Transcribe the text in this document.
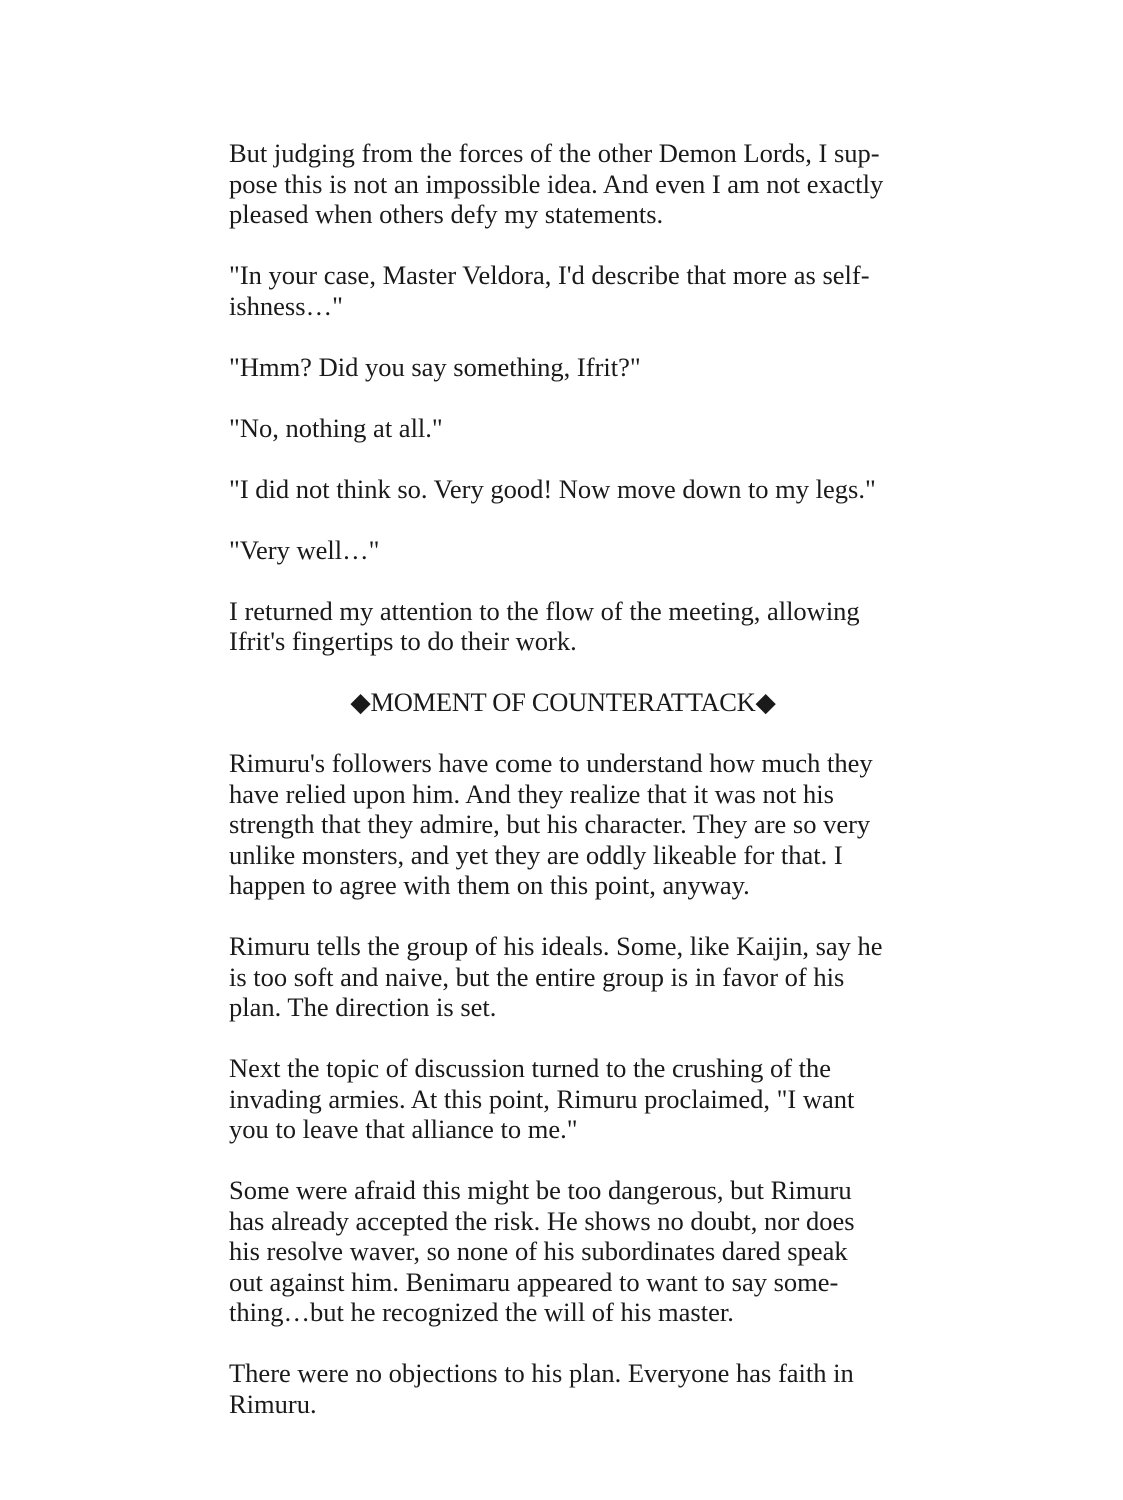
But judging from the forces of the other Demon Lords, I sup-
pose this is not an impossible idea. And even I am not exactly
pleased when others defy my statements.
"In your case, Master Veldora, I'd describe that more as self-
ishness…"
"Hmm? Did you say something, Ifrit?"
"No, nothing at all."
"I did not think so. Very good! Now move down to my legs."
"Very well…"
I returned my attention to the flow of the meeting, allowing
Ifrit's fingertips to do their work.
◆MOMENT OF COUNTERATTACK◆
Rimuru's followers have come to understand how much they
have relied upon him. And they realize that it was not his
strength that they admire, but his character. They are so very
unlike monsters, and yet they are oddly likeable for that. I
happen to agree with them on this point, anyway.
Rimuru tells the group of his ideals. Some, like Kaijin, say he
is too soft and naive, but the entire group is in favor of his
plan. The direction is set.
Next the topic of discussion turned to the crushing of the
invading armies. At this point, Rimuru proclaimed, "I want
you to leave that alliance to me."
Some were afraid this might be too dangerous, but Rimuru
has already accepted the risk. He shows no doubt, nor does
his resolve waver, so none of his subordinates dared speak
out against him. Benimaru appeared to want to say some-
thing…but he recognized the will of his master.
There were no objections to his plan. Everyone has faith in
Rimuru.
